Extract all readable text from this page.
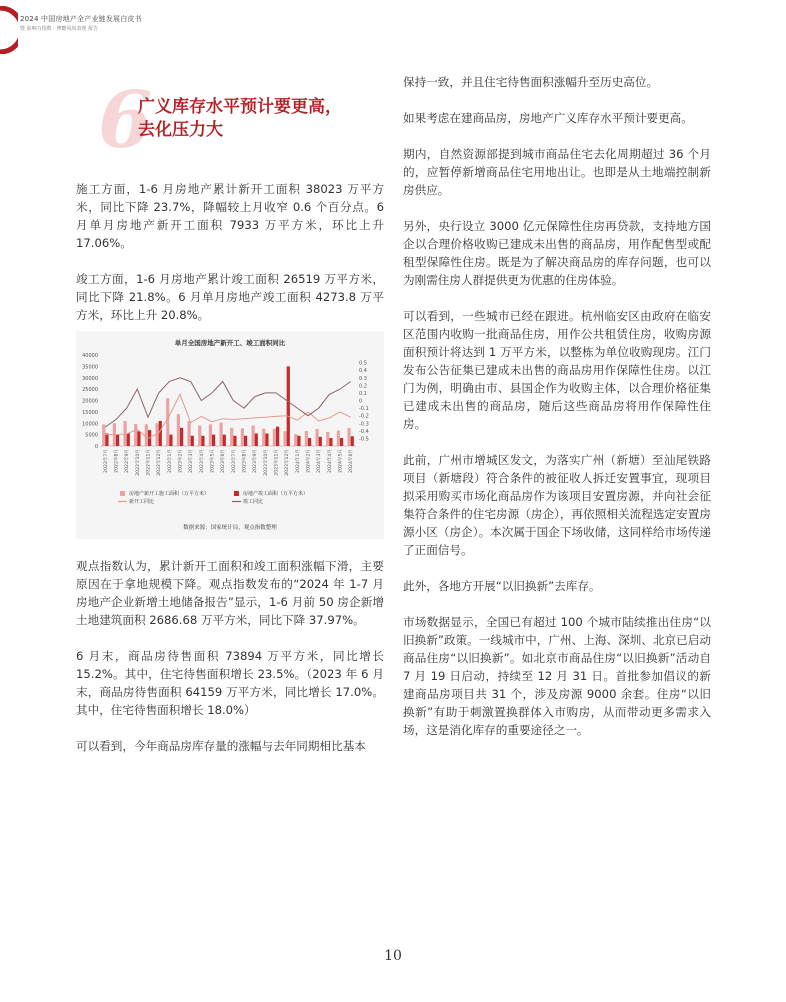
2024 中国房地产全产业链发展白皮书
暨 影响力指数 · 博鳌风尚表现 报告
6
广义库存水平预计要更高，
去化压力大

施工方面，1-6 月房地产累计新开工面积 38023 万平方米，同比下降 23.7%，降幅较上月收窄 0.6 个百分点。6 月单月房地产新开工面积 7933 万平方米，环比上升 17.06%。

竣工方面，1-6 月房地产累计竣工面积 26519 万平方米，同比下降 21.8%。6 月单月房地产竣工面积 4273.8 万平方米，环比上升 20.8%。

单月全国房地产新开工、竣工面积同比
0
5000
10000
15000
20000
25000
30000
35000
40000
-0.5
-0.4
-0.3
-0.2
-0.1
0
0.1
0.2
0.3
0.4
0.5
2022年7月	2022年8月	2022年9月	2022年10月	2022年11月	2022年12月	2023年1月	2023年2月	2023年3月	2023年4月	2023年5月	2023年6月	2023年7月	2023年8月	2023年9月	2023年10月	2023年11月	2023年12月	2024年1月	2024年2月	2024年3月	2024年4月	2024年5月	2024年6月
房地产新开工施工面积（万平方米）	房地产竣工面积（万平方米）
新开工同比	竣工同比
数据来源：国家统计局，观点指数整理

观点指数认为，累计新开工面积和竣工面积涨幅下滑，主要原因在于拿地规模下降。观点指数发布的“2024 年 1-7 月房地产企业新增土地储备报告”显示，1-6 月前 50 房企新增土地建筑面积 2686.68 万平方米，同比下降 37.97%。

6 月末，商品房待售面积 73894 万平方米，同比增长 15.2%。其中，住宅待售面积增长 23.5%。（2023 年 6 月末，商品房待售面积 64159 万平方米，同比增长 17.0%。其中，住宅待售面积增长 18.0%）

可以看到，今年商品房库存量的涨幅与去年同期相比基本

保持一致，并且住宅待售面积涨幅升至历史高位。

如果考虑在建商品房，房地产广义库存水平预计要更高。

期内，自然资源部提到城市商品住宅去化周期超过 36 个月的，应暂停新增商品住宅用地出让。也即是从土地端控制新房供应。

另外，央行设立 3000 亿元保障性住房再贷款，支持地方国企以合理价格收购已建成未出售的商品房，用作配售型或配租型保障性住房。既是为了解决商品房的库存问题，也可以为刚需住房人群提供更为优惠的住房体验。

可以看到，一些城市已经在跟进。杭州临安区由政府在临安区范围内收购一批商品住房，用作公共租赁住房，收购房源面积预计将达到 1 万平方米，以整栋为单位收购现房。江门发布公告征集已建成未出售的商品房用作保障性住房。以江门为例，明确由市、县国企作为收购主体，以合理价格征集已建成未出售的商品房，随后这些商品房将用作保障性住房。

此前，广州市增城区发文，为落实广州（新塘）至汕尾铁路项目（新塘段）符合条件的被征收人拆迁安置事宜，现项目拟采用购买市场化商品房作为该项目安置房源，并向社会征集符合条件的住宅房源（房企），再依照相关流程选定安置房源小区（房企）。本次属于国企下场收储，这同样给市场传递了正面信号。

此外，各地方开展“以旧换新”去库存。

市场数据显示，全国已有超过 100 个城市陆续推出住房“以旧换新”政策。一线城市中，广州、上海、深圳、北京已启动商品住房“以旧换新”。如北京市商品住房“以旧换新”活动自 7 月 19 日启动，持续至 12 月 31 日。首批参加倡议的新建商品房项目共 31 个，涉及房源 9000 余套。住房“以旧换新”有助于刺激置换群体入市购房，从而带动更多需求入场，这是消化库存的重要途径之一。

10
